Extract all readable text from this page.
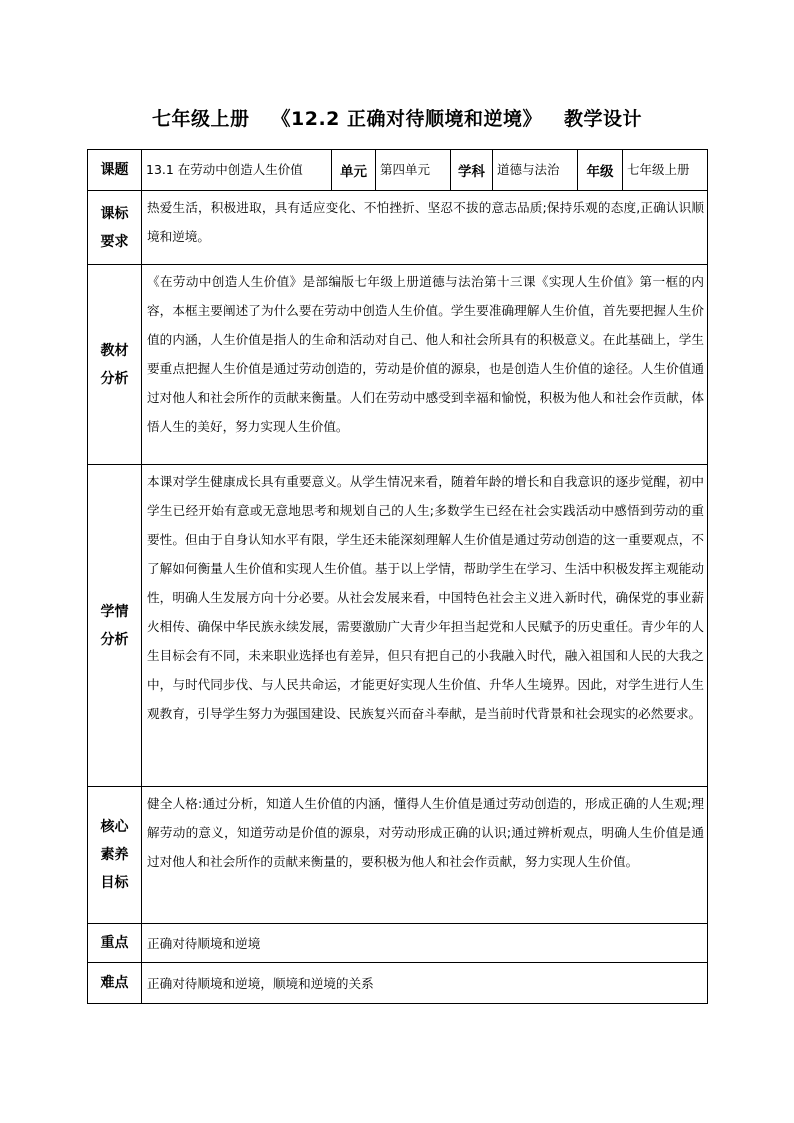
七年级上册 《12.2 正确对待顺境和逆境》 教学设计
课题	13.1 在劳动中创造人生价值	单元	第四单元	学科	道德与法治	年级	七年级上册

课标
要求	热爱生活，积极进取，具有适应变化、不怕挫折、坚忍不拔的意志品质;保持乐观的态度,正确认识顺境和逆境。						

教材
分析	《在劳动中创造人生价值》是部编版七年级上册道德与法治第十三课《实现人生价值》第一框的内容，本框主要阐述了为什么要在劳动中创造人生价值。学生要准确理解人生价值，首先要把握人生价值的内涵，人生价值是指人的生命和活动对自己、他人和社会所具有的积极意义。在此基础上，学生要重点把握人生价值是通过劳动创造的，劳动是价值的源泉，也是创造人生价值的途径。人生价值通过对他人和社会所作的贡献来衡量。人们在劳动中感受到幸福和愉悦，积极为他人和社会作贡献，体悟人生的美好，努力实现人生价值。						

学情
分析	本课对学生健康成长具有重要意义。从学生情况来看，随着年龄的增长和自我意识的逐步觉醒，初中学生已经开始有意或无意地思考和规划自己的人生;多数学生已经在社会实践活动中感悟到劳动的重要性。但由于自身认知水平有限，学生还未能深刻理解人生价值是通过劳动创造的这一重要观点，不了解如何衡量人生价值和实现人生价值。基于以上学情，帮助学生在学习、生活中积极发挥主观能动性，明确人生发展方向十分必要。从社会发展来看，中国特色社会主义进入新时代，确保党的事业薪火相传、确保中华民族永续发展，需要激励广大青少年担当起党和人民赋予的历史重任。青少年的人生目标会有不同，未来职业选择也有差异，但只有把自己的小我融入时代，融入祖国和人民的大我之中，与时代同步伐、与人民共命运，才能更好实现人生价值、升华人生境界。因此，对学生进行人生观教育，引导学生努力为强国建设、民族复兴而奋斗奉献，是当前时代背景和社会现实的必然要求。						

核心
素养
目标	健全人格:通过分析，知道人生价值的内涵，懂得人生价值是通过劳动创造的，形成正确的人生观;理解劳动的意义，知道劳动是价值的源泉，对劳动形成正确的认识;通过辨析观点，明确人生价值是通过对他人和社会所作的贡献来衡量的，要积极为他人和社会作贡献，努力实现人生价值。						

重点	正确对待顺境和逆境						

难点	正确对待顺境和逆境，顺境和逆境的关系						
